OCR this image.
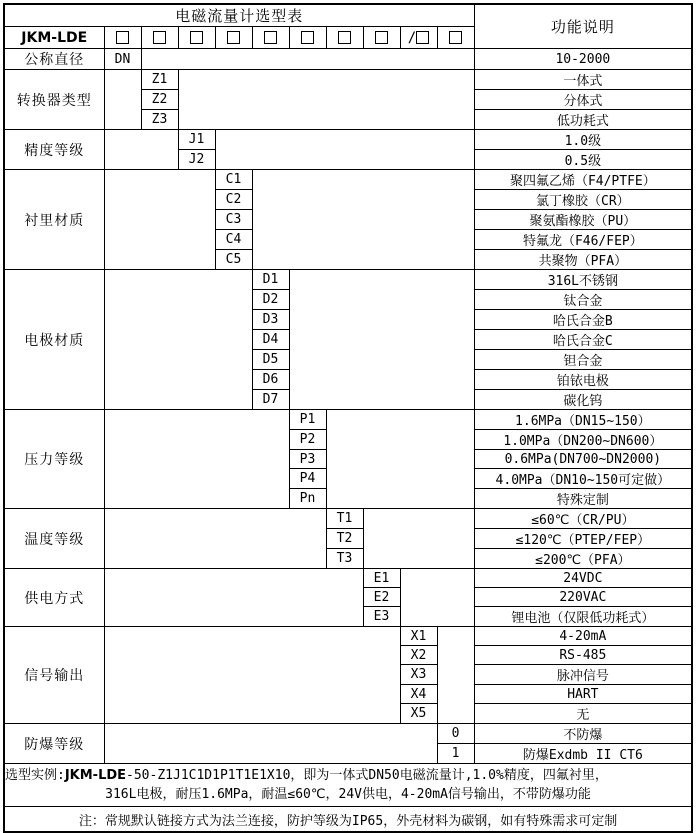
电磁流量计选型表											功能说明
JKM-LDE									/		
公称直径	DN										10-2000
转换器类型		Z1									一体式
		Z2									分体式
		Z3									低功耗式
精度等级			J1								1.0级
			J2								0.5级
衬里材质				C1							聚四氟乙烯（F4/PTFE）
				C2							氯丁橡胶（CR）
				C3							聚氨酯橡胶（PU）
				C4							特氟龙（F46/FEP）
				C5							共聚物（PFA）
电极材质					D1						316L不锈钢
					D2						钛合金
					D3						哈氏合金B
					D4						哈氏合金C
					D5						钽合金
					D6						铂铱电极
					D7						碳化钨
压力等级						P1					1.6MPa（DN15~150）
						P2					1.0MPa（DN200~DN600）
						P3					0.6MPa(DN700~DN2000)
						P4					4.0MPa（DN10~150可定做）
						Pn					特殊定制
温度等级							T1				≤60℃（CR/PU）
							T2				≤120℃（PTEP/FEP）
							T3				≤200℃（PFA）
供电方式								E1			24VDC
								E2			220VAC
								E3			锂电池（仅限低功耗式）
信号输出									X1		4-20mA
									X2		RS-485
									X3		脉冲信号
									X4		HART
									X5		无
防爆等级										0	不防爆
										1	防爆Exdmb II CT6

选型实例:JKM-LDE-50-Z1J1C1D1P1T1E1X10，即为一体式DN50电磁流量计,1.0%精度，四氟衬里，
316L电极，耐压1.6MPa，耐温≤60℃，24V供电，4-20mA信号输出，不带防爆功能											

注：常规默认链接方式为法兰连接，防护等级为IP65，外壳材料为碳钢，如有特殊需求可定制											
